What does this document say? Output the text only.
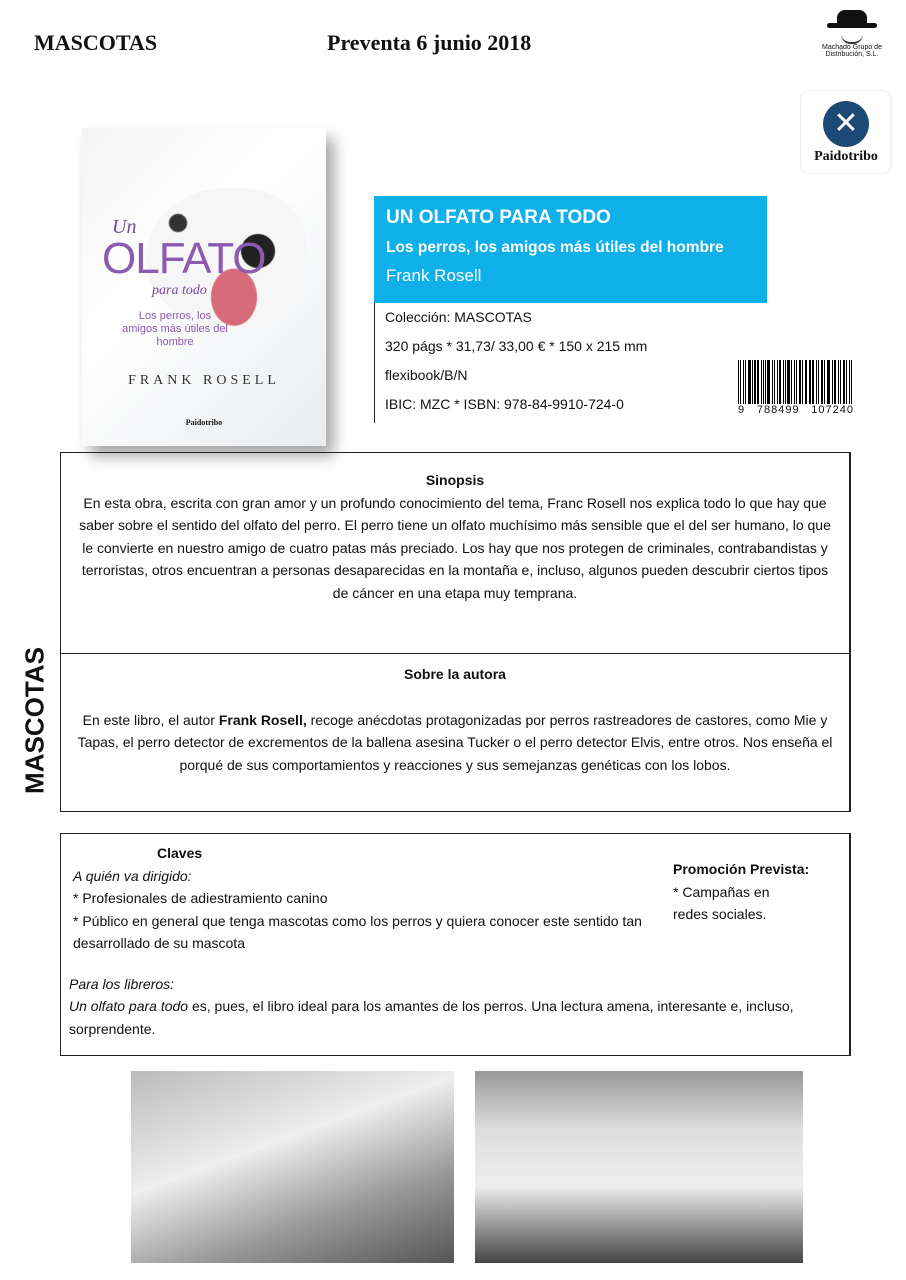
MASCOTAS	Preventa 6 junio 2018	Machado Grupo de Distribución, S.L.
✕
Paidotribo
Un
OLFATO
para todo
Los perros, los amigos más útiles del hombre
FRANK ROSELL
Paidotribo
UN OLFATO PARA TODO
Los perros, los amigos más útiles del hombre
Frank Rosell
Colección: MASCOTAS
320 págs * 31,73/ 33,00 € * 150 x 215 mm
flexibook/B/N
IBIC: MZC * ISBN: 978-84-9910-724-0	9 788499 107240
MASCOTAS
Sinopsis
En esta obra, escrita con gran amor y un profundo conocimiento del tema, Franc Rosell nos explica todo lo que hay que saber sobre el sentido del olfato del perro. El perro tiene un olfato muchísimo más sensible que el del ser humano, lo que le convierte en nuestro amigo de cuatro patas más preciado. Los hay que nos protegen de criminales, contrabandistas y terroristas, otros encuentran a personas desaparecidas en la montaña e, incluso, algunos pueden descubrir ciertos tipos de cáncer en una etapa muy temprana.
Sobre la autora
En este libro, el autor Frank Rosell, recoge anécdotas protagonizadas por perros rastreadores de castores, como Mie y Tapas, el perro detector de excrementos de la ballena asesina Tucker o el perro detector Elvis, entre otros. Nos enseña el porqué de sus comportamientos y reacciones y sus semejanzas genéticas con los lobos.
Claves
A quién va dirigido:
* Profesionales de adiestramiento canino
* Público en general que tenga mascotas como los perros y quiera conocer este sentido tan desarrollado de su mascota
Para los libreros:
Un olfato para todo es, pues, el libro ideal para los amantes de los perros. Una lectura amena, interesante e, incluso, sorprendente.
Promoción Prevista:
* Campañas en redes sociales.
